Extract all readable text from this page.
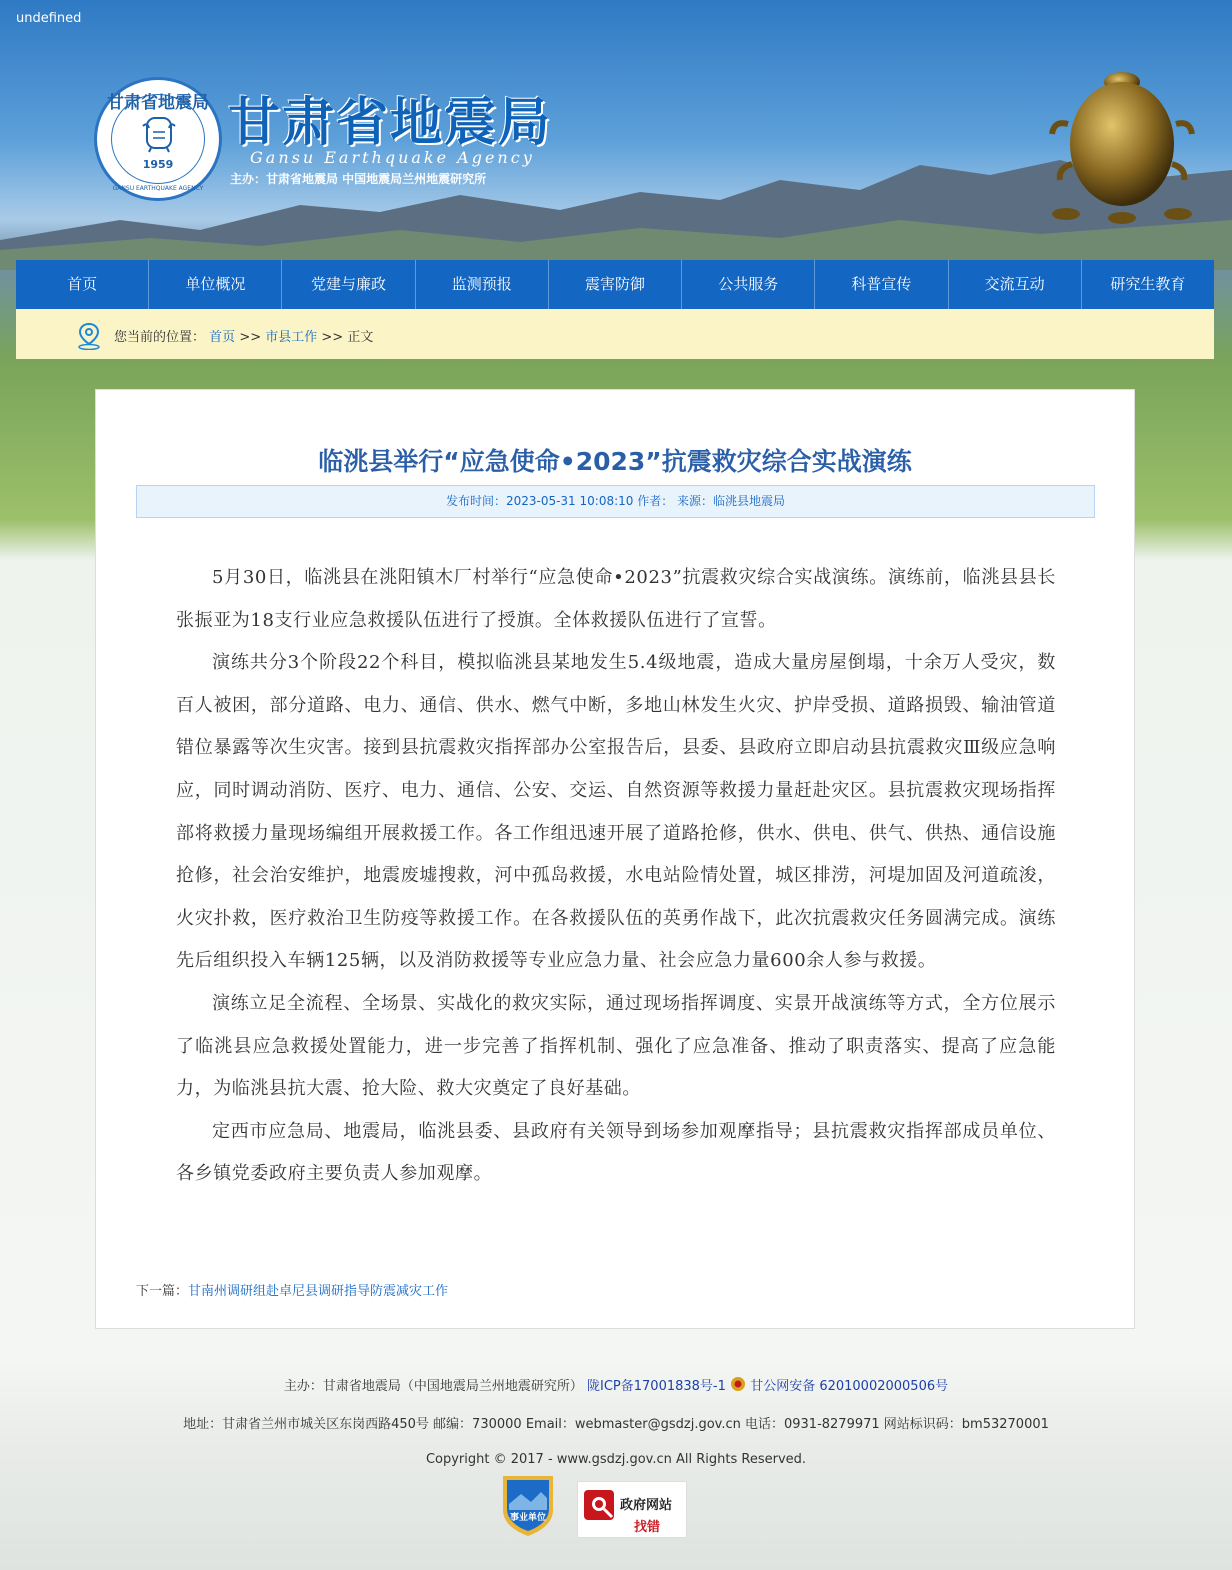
undefined
甘肃省地震局
1959
GANSU EARTHQUAKE AGENCY
甘肃省地震局
Gansu Earthquake Agency
主办：甘肃省地震局 中国地震局兰州地震研究所
首页	单位概况	党建与廉政	监测预报	震害防御	公共服务	科普宣传	交流互动	研究生教育
您当前的位置： 首页 >> 市县工作 >> 正文
临洮县举行“应急使命•2023”抗震救灾综合实战演练
发布时间：2023-05-31 10:08:10 作者： 来源：临洮县地震局

5月30日，临洮县在洮阳镇木厂村举行“应急使命•2023”抗震救灾综合实战演练。演练前，临洮县县长张振亚为18支行业应急救援队伍进行了授旗。全体救援队伍进行了宣誓。

演练共分3个阶段22个科目，模拟临洮县某地发生5.4级地震，造成大量房屋倒塌，十余万人受灾，数百人被困，部分道路、电力、通信、供水、燃气中断，多地山林发生火灾、护岸受损、道路损毁、输油管道错位暴露等次生灾害。接到县抗震救灾指挥部办公室报告后，县委、县政府立即启动县抗震救灾Ⅲ级应急响应，同时调动消防、医疗、电力、通信、公安、交运、自然资源等救援力量赶赴灾区。县抗震救灾现场指挥部将救援力量现场编组开展救援工作。各工作组迅速开展了道路抢修，供水、供电、供气、供热、通信设施抢修，社会治安维护，地震废墟搜救，河中孤岛救援，水电站险情处置，城区排涝，河堤加固及河道疏浚，火灾扑救，医疗救治卫生防疫等救援工作。在各救援队伍的英勇作战下，此次抗震救灾任务圆满完成。演练先后组织投入车辆125辆，以及消防救援等专业应急力量、社会应急力量600余人参与救援。

演练立足全流程、全场景、实战化的救灾实际，通过现场指挥调度、实景开战演练等方式，全方位展示了临洮县应急救援处置能力，进一步完善了指挥机制、强化了应急准备、推动了职责落实、提高了应急能力，为临洮县抗大震、抢大险、救大灾奠定了良好基础。

定西市应急局、地震局，临洮县委、县政府有关领导到场参加观摩指导；县抗震救灾指挥部成员单位、各乡镇党委政府主要负责人参加观摩。

下一篇：甘南州调研组赴卓尼县调研指导防震减灾工作
主办：甘肃省地震局（中国地震局兰州地震研究所） 陇ICP备17001838号-1 甘公网安备 62010002000506号
地址：甘肃省兰州市城关区东岗西路450号 邮编：730000 Email：webmaster@gsdzj.gov.cn 电话：0931-8279971 网站标识码：bm53270001
Copyright © 2017 - www.gsdzj.gov.cn All Rights Reserved.
事业单位
政府网站
找错
